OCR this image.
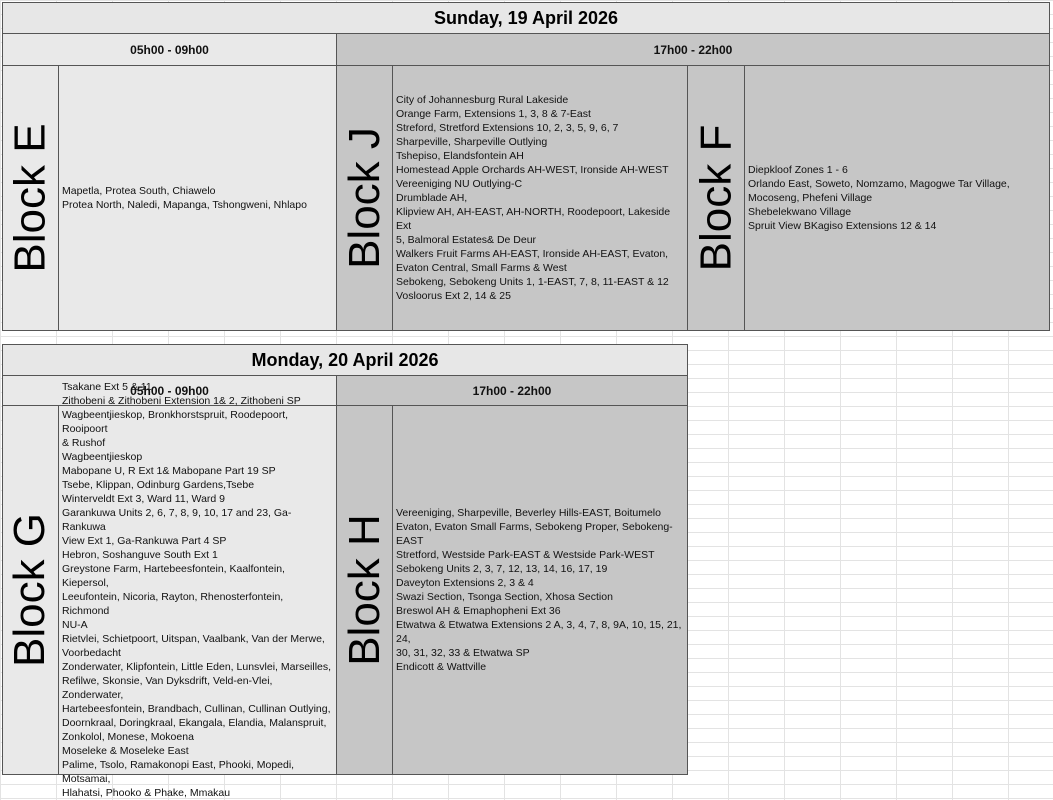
Sunday, 19 April 2026
05h00 - 09h00	17h00 - 22h00
Block E Mapetla, Protea South, Chiawelo
Protea North, Naledi, Mapanga, Tshongweni, Nhlapo Block J
City of Johannesburg Rural Lakeside
Orange Farm, Extensions 1, 3, 8 & 7-East
Streford, Stretford Extensions 10, 2, 3, 5, 9, 6, 7
Sharpeville, Sharpeville Outlying
Tshepiso, Elandsfontein AH
Homestead Apple Orchards AH-WEST, Ironside AH-WEST
Vereeniging NU Outlying-C
Drumblade AH,
Klipview AH, AH-EAST, AH-NORTH, Roodepoort, Lakeside Ext
5, Balmoral Estates& De Deur
Walkers Fruit Farms AH-EAST, Ironside AH-EAST, Evaton,
Evaton Central, Small Farms & West
Sebokeng, Sebokeng Units 1, 1-EAST, 7, 8, 11-EAST & 12
Vosloorus Ext 2, 14 & 25
Block F Diepkloof Zones 1 - 6
Orlando East, Soweto, Nomzamo, Magogwe Tar Village,
Mocoseng, Phefeni Village
Shebelekwano Village
Spruit View BKagiso Extensions 12 & 14
Monday, 20 April 2026
05h00 - 09h00	17h00 - 22h00
Block G
Tsakane Ext 5 & 11
Zithobeni & Zithobeni Extension 1& 2, Zithobeni SP
Wagbeentjieskop, Bronkhorstspruit, Roodepoort, Rooipoort
& Rushof
Wagbeentjieskop
Mabopane U, R Ext 1& Mabopane Part 19 SP
Tsebe, Klippan, Odinburg Gardens,Tsebe
Winterveldt Ext 3, Ward 11, Ward 9
Garankuwa Units 2, 6, 7, 8, 9, 10, 17 and 23, Ga-Rankuwa
View Ext 1, Ga-Rankuwa Part 4 SP
Hebron, Soshanguve South Ext 1
Greystone Farm, Hartebeesfontein, Kaalfontein, Kiepersol,
Leeufontein, Nicoria, Rayton, Rhenosterfontein, Richmond
NU-A
Rietvlei, Schietpoort, Uitspan, Vaalbank, Van der Merwe,
Voorbedacht
Zonderwater, Klipfontein, Little Eden, Lunsvlei, Marseilles,
Refilwe, Skonsie, Van Dyksdrift, Veld-en-Vlei, Zonderwater,
Hartebeesfontein, Brandbach, Cullinan, Cullinan Outlying,
Doornkraal, Doringkraal, Ekangala, Elandia, Malanspruit,
Zonkolol, Monese, Mokoena
Moseleke & Moseleke East
Palime, Tsolo, Ramakonopi East, Phooki, Mopedi, Motsamai,
Hlahatsi, Phooko & Phake, Mmakau
Block H
Vereeniging, Sharpeville, Beverley Hills-EAST, Boitumelo
Evaton, Evaton Small Farms, Sebokeng Proper, Sebokeng-
EAST
Stretford, Westside Park-EAST & Westside Park-WEST
Sebokeng Units 2, 3, 7, 12, 13, 14, 16, 17, 19
Daveyton Extensions 2, 3 & 4
Swazi Section, Tsonga Section, Xhosa Section
Breswol AH & Emaphopheni Ext 36
Etwatwa & Etwatwa Extensions 2 A, 3, 4, 7, 8, 9A, 10, 15, 21, 24,
30, 31, 32, 33 & Etwatwa SP
Endicott & Wattville
